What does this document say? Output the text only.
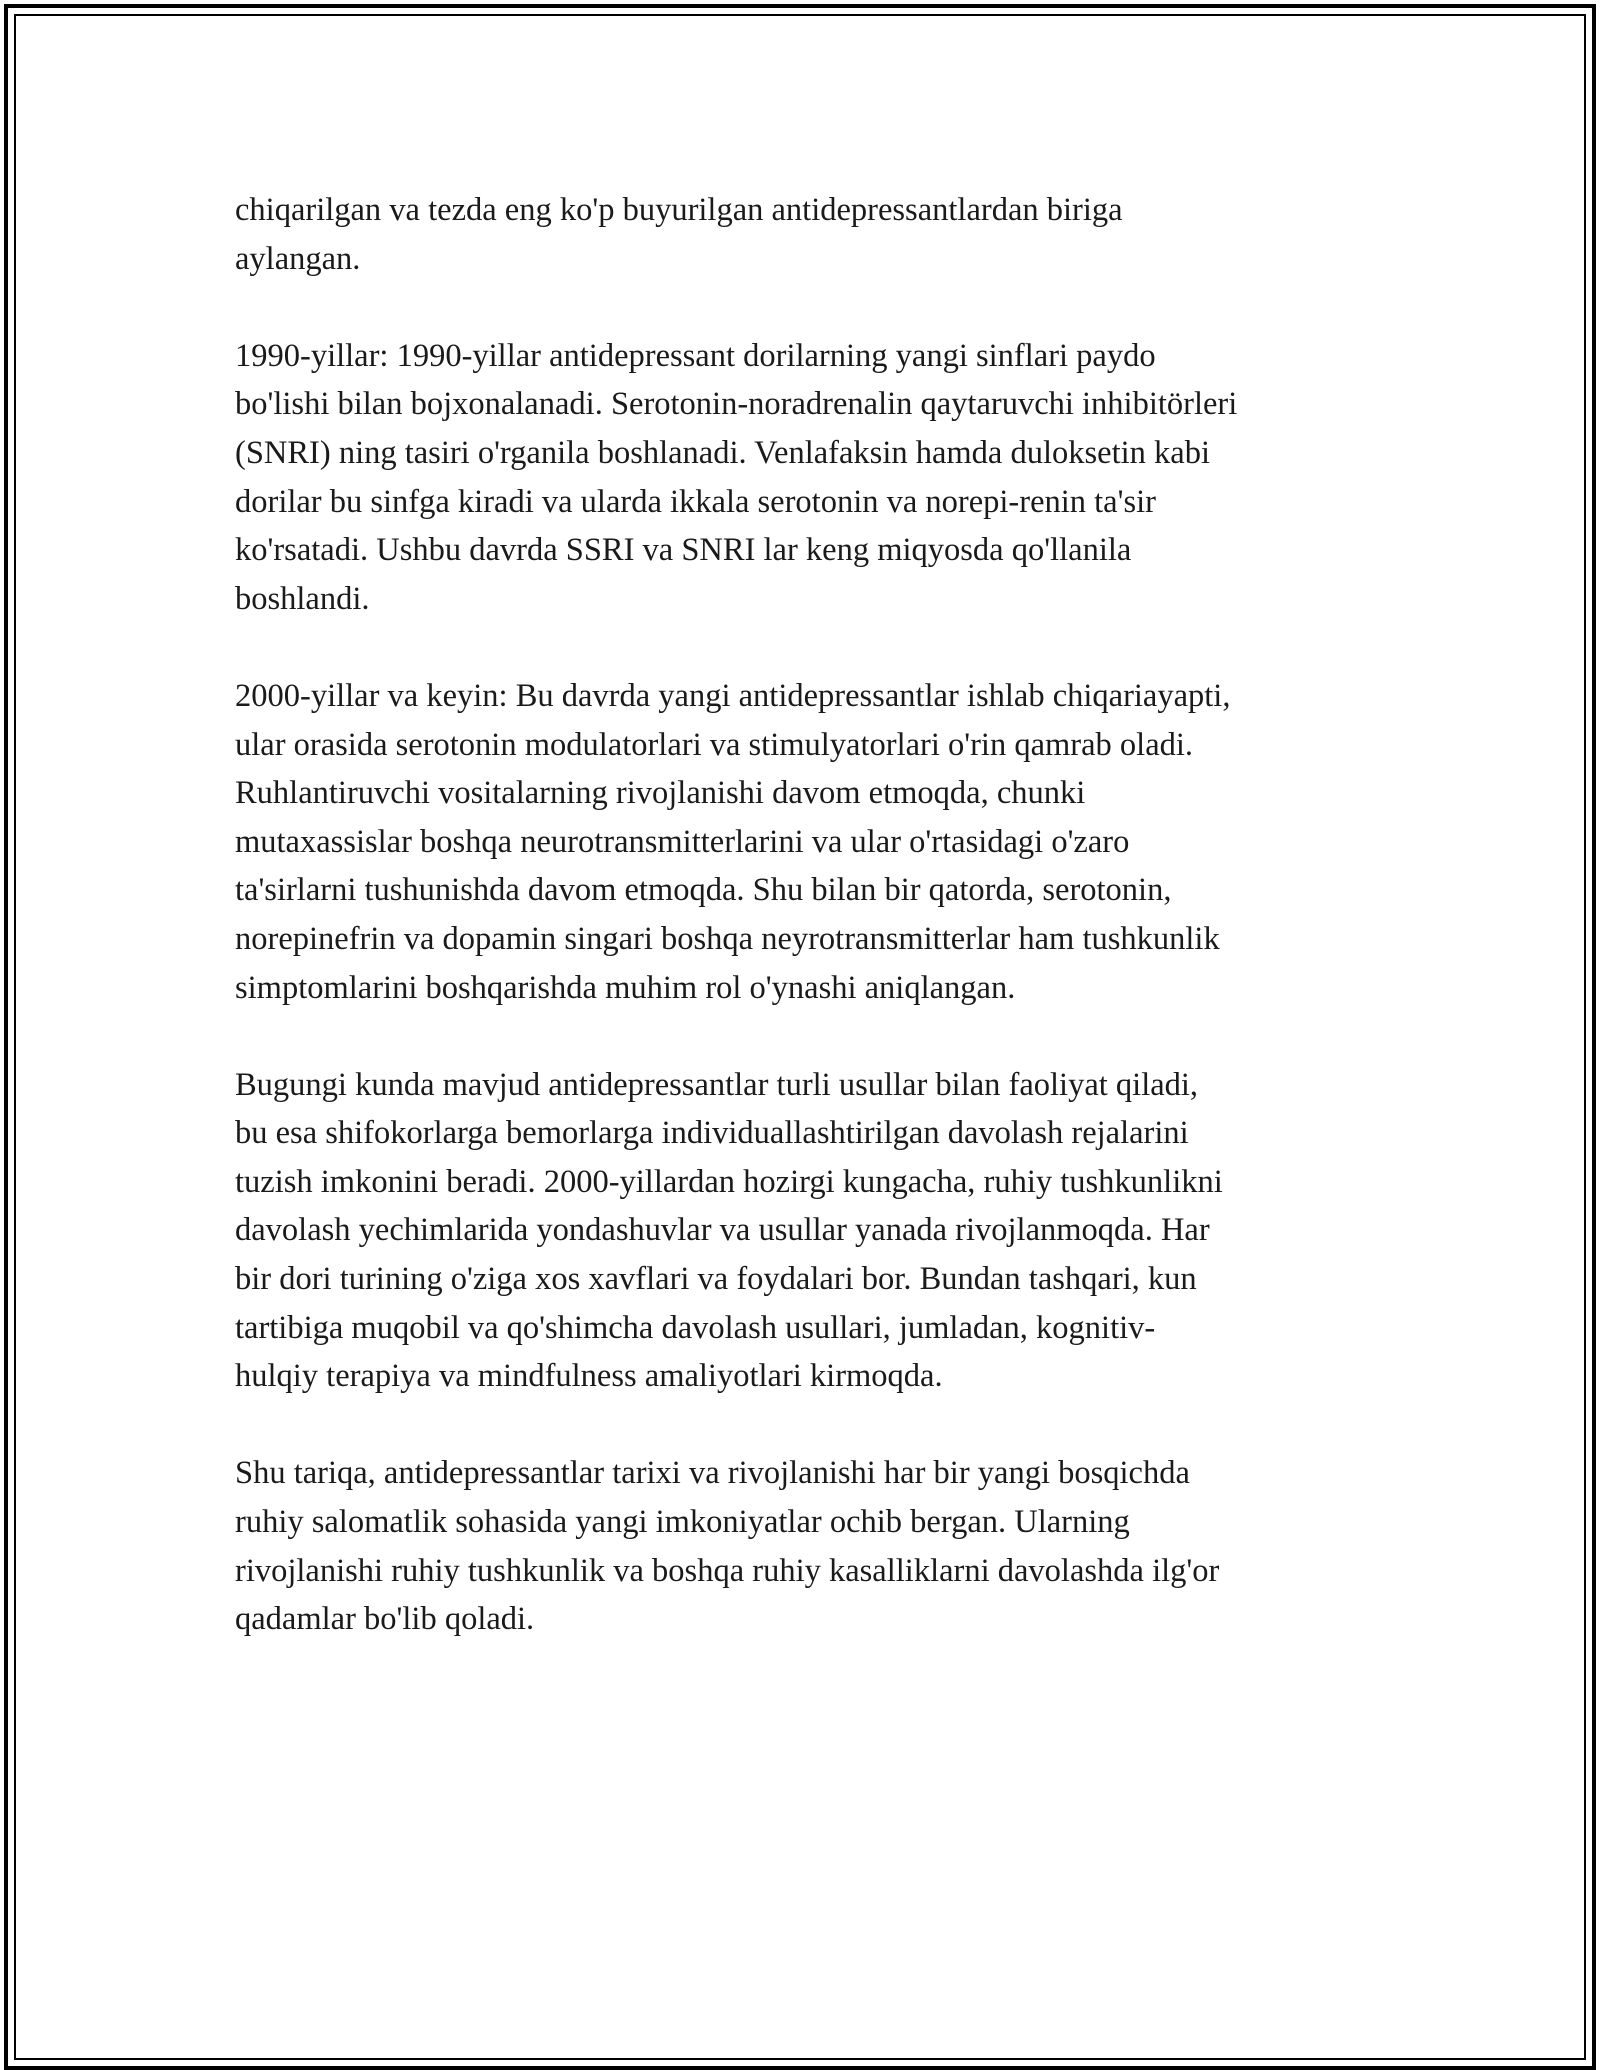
chiqarilgan va tezda eng ko'p buyurilgan antidepressantlardan biriga
aylangan.

1990-yillar: 1990-yillar antidepressant dorilarning yangi sinflari paydo
bo'lishi bilan bojxonalanadi. Serotonin-noradrenalin qaytaruvchi inhibitörleri
(SNRI) ning tasiri o'rganila boshlanadi. Venlafaksin hamda duloksetin kabi
dorilar bu sinfga kiradi va ularda ikkala serotonin va norepi-renin ta'sir
ko'rsatadi. Ushbu davrda SSRI va SNRI lar keng miqyosda qo'llanila
boshlandi.

2000-yillar va keyin: Bu davrda yangi antidepressantlar ishlab chiqariayapti,
ular orasida serotonin modulatorlari va stimulyatorlari o'rin qamrab oladi.
Ruhlantiruvchi vositalarning rivojlanishi davom etmoqda, chunki
mutaxassislar boshqa neurotransmitterlarini va ular o'rtasidagi o'zaro
ta'sirlarni tushunishda davom etmoqda. Shu bilan bir qatorda, serotonin,
norepinefrin va dopamin singari boshqa neyrotransmitterlar ham tushkunlik
simptomlarini boshqarishda muhim rol o'ynashi aniqlangan.

Bugungi kunda mavjud antidepressantlar turli usullar bilan faoliyat qiladi,
bu esa shifokorlarga bemorlarga individuallashtirilgan davolash rejalarini
tuzish imkonini beradi. 2000-yillardan hozirgi kungacha, ruhiy tushkunlikni
davolash yechimlarida yondashuvlar va usullar yanada rivojlanmoqda. Har
bir dori turining o'ziga xos xavflari va foydalari bor. Bundan tashqari, kun
tartibiga muqobil va qo'shimcha davolash usullari, jumladan, kognitiv-
hulqiy terapiya va mindfulness amaliyotlari kirmoqda.

Shu tariqa, antidepressantlar tarixi va rivojlanishi har bir yangi bosqichda
ruhiy salomatlik sohasida yangi imkoniyatlar ochib bergan. Ularning
rivojlanishi ruhiy tushkunlik va boshqa ruhiy kasalliklarni davolashda ilg'or
qadamlar bo'lib qoladi.
